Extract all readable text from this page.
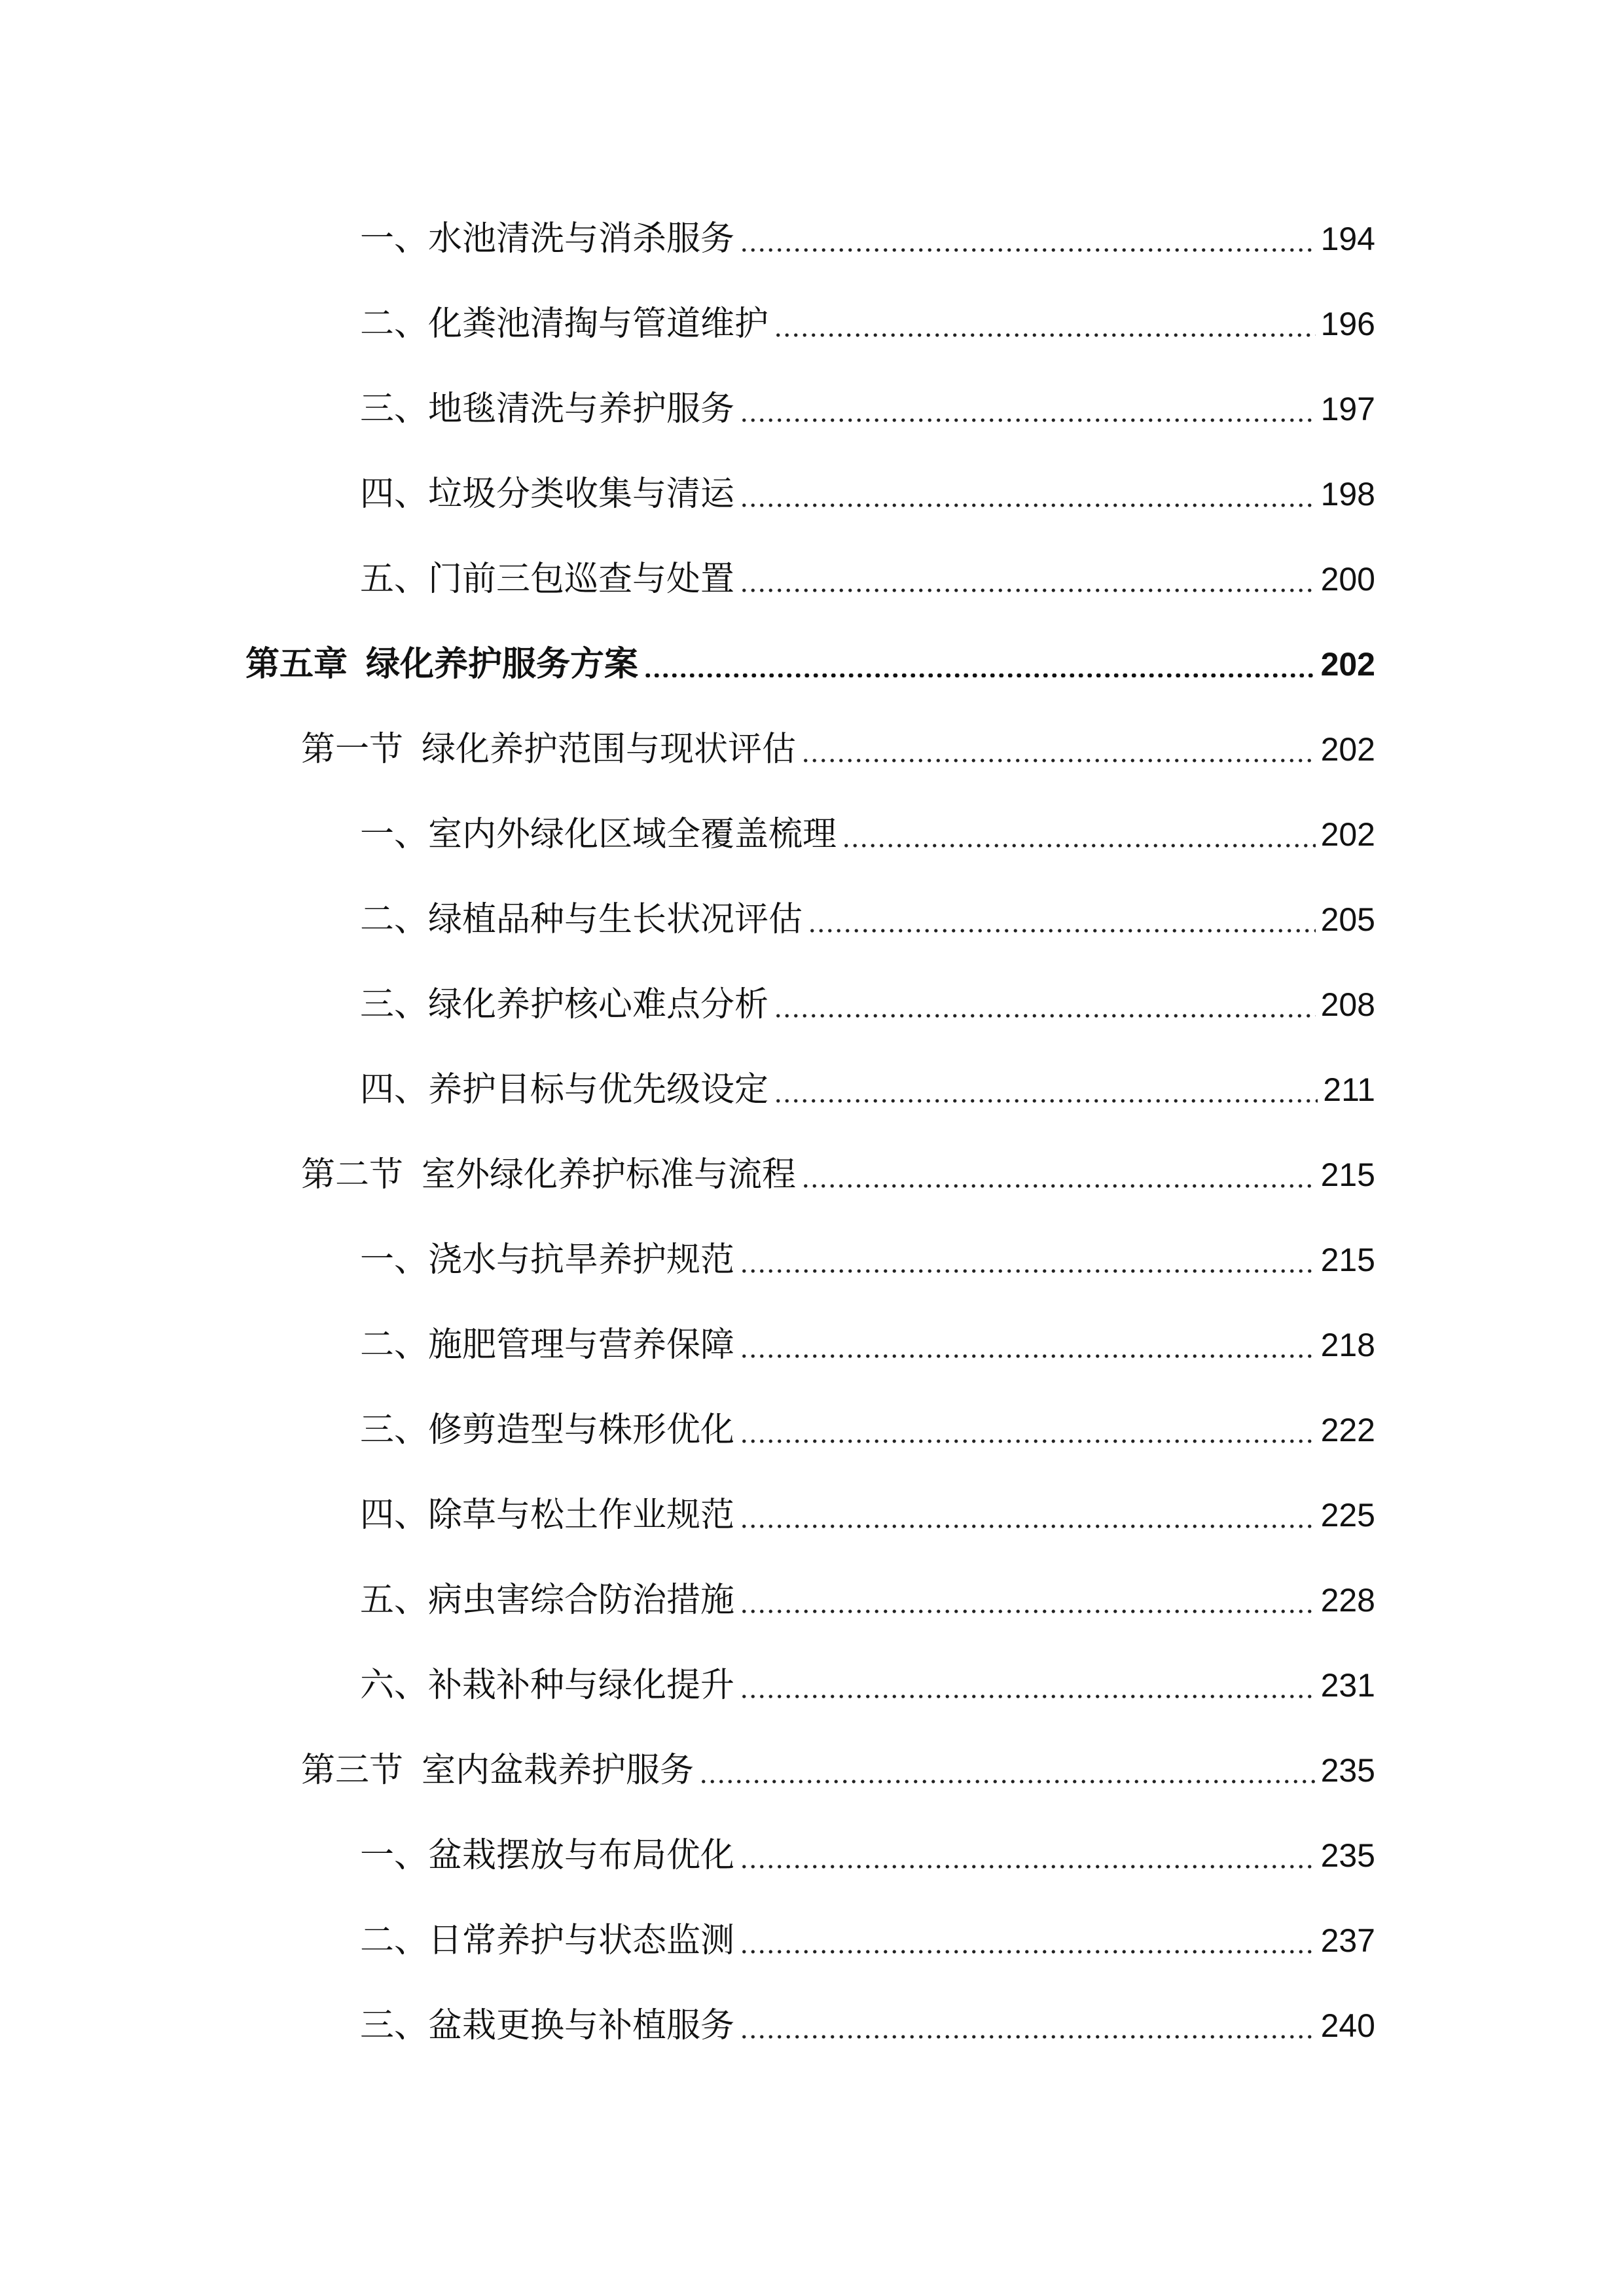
一、水池清洗与消杀服务	194
二、化粪池清掏与管道维护	196
三、地毯清洗与养护服务	197
四、垃圾分类收集与清运	198
五、门前三包巡查与处置	200
第五章 绿化养护服务方案	202
第一节 绿化养护范围与现状评估	202
一、室内外绿化区域全覆盖梳理	202
二、绿植品种与生长状况评估	205
三、绿化养护核心难点分析	208
四、养护目标与优先级设定	211
第二节 室外绿化养护标准与流程	215
一、浇水与抗旱养护规范	215
二、施肥管理与营养保障	218
三、修剪造型与株形优化	222
四、除草与松土作业规范	225
五、病虫害综合防治措施	228
六、补栽补种与绿化提升	231
第三节 室内盆栽养护服务	235
一、盆栽摆放与布局优化	235
二、日常养护与状态监测	237
三、盆栽更换与补植服务	240
